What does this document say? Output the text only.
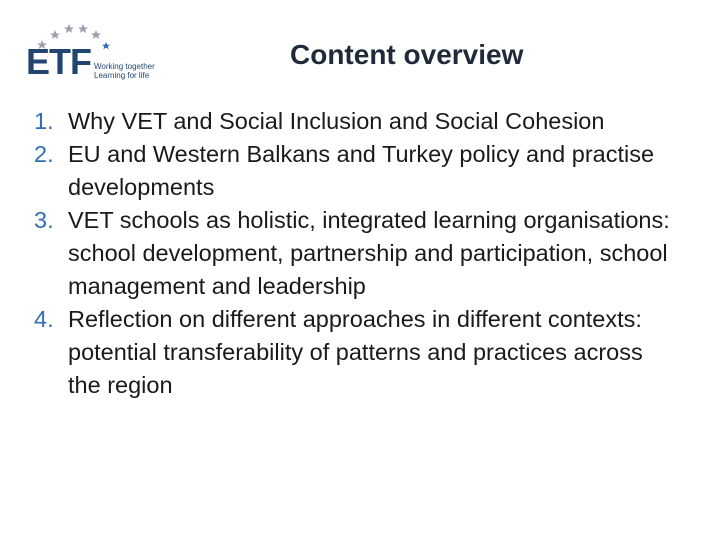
ETF Working together
Learning for life
Content overview
1. Why VET and Social Inclusion and Social Cohesion
2. EU and Western Balkans and Turkey policy and practise developments
3. VET schools as holistic, integrated learning organisations: school development, partnership and participation, school management and leadership
4. Reflection on different approaches in different contexts: potential transferability of patterns and practices across the region
